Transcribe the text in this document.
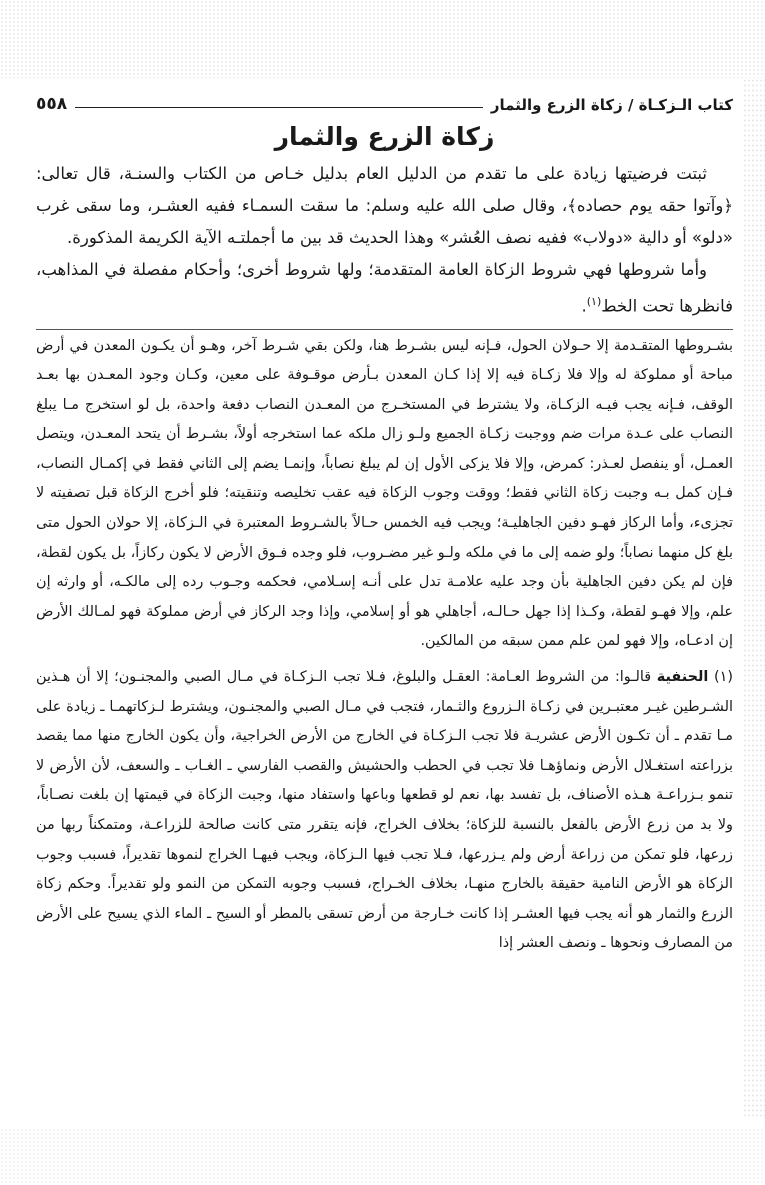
كتاب الـزكـاة / زكاة الزرع والثمار
٥٥٨
زكاة الزرع والثمار

ثبتت فرضيتها زيادة على ما تقدم من الدليل العام بدليل خـاص من الكتاب والسنـة، قال تعالى: ﴿وآتوا حقه يوم حصاده﴾، وقال صلى الله عليه وسلم: ما سقت السمـاء ففيه العشـر، وما سقى غرب «دلو» أو دالية «دولاب» ففيه نصف العُشر» وهذا الحديث قد بين ما أجملتـه الآية الكريمة المذكورة.

وأما شروطها فهي شروط الزكاة العامة المتقدمة؛ ولها شروط أخرى؛ وأحكام مفصلة في المذاهب، فانظرها تحت الخط$^{(١)}$.

بشـروطها المتقـدمة إلا حـولان الحول، فـإنه ليس بشـرط هنا، ولكن بقي شـرط آخر، وهـو أن يكـون المعدن في أرض مباحة أو مملوكة له وإلا فلا زكـاة فيه إلا إذا كـان المعدن بـأرض موقـوفة على معين، وكـان وجود المعـدن بها بعـد الوقف، فـإنه يجب فيـه الزكـاة، ولا يشترط في المستخـرج من المعـدن النصاب دفعة واحدة، بل لو استخرج مـا يبلغ النصاب على عـدة مرات ضم ووجبت زكـاة الجميع ولـو زال ملكه عما استخرجه أولاً، بشـرط أن يتحد المعـدن، ويتصل العمـل، أو ينفصل لعـذر: كمرض، وإلا فلا يزكى الأول إن لم يبلغ نصاباً، وإنمـا يضم إلى الثاني فقط في إكمـال النصاب، فـإن كمل بـه وجبت زكاة الثاني فقط؛ ووقت وجوب الزكاة فيه عقب تخليصه وتنقيته؛ فلو أخرج الزكاة قبل تصفيته لا تجزىء، وأما الركاز فهـو دفين الجاهليـة؛ ويجب فيه الخمس حـالاً بالشـروط المعتبرة في الـزكاة، إلا حولان الحول متى بلغ كل منهما نصاباً؛ ولو ضمه إلى ما في ملكه ولـو غير مضـروب، فلو وجده فـوق الأرض لا يكون ركازاً، بل يكون لقطة، فإن لم يكن دفين الجاهلية بأن وجد عليه علامـة تدل على أنـه إسـلامي، فحكمه وجـوب رده إلى مالكـه، أو وارثه إن علم، وإلا فهـو لقطة، وكـذا إذا جهل حـالـه، أجاهلي هو أو إسلامي، وإذا وجد الركاز في أرض مملوكة فهو لمـالك الأرض إن ادعـاه، وإلا فهو لمن علم ممن سبقه من المالكين.

(١) الحنفية قالـوا: من الشروط العـامة: العقـل والبلوغ، فـلا تجب الـزكـاة في مـال الصبي والمجنـون؛ إلا أن هـذين الشـرطين غيـر معتبـرين في زكـاة الـزروع والثـمار، فتجب في مـال الصبي والمجنـون، ويشترط لـزكاتهمـا ـ زيادة على مـا تقدم ـ أن تكـون الأرض عشريـة فلا تجب الـزكـاة في الخارج من الأرض الخراجية، وأن يكون الخارج منها مما يقصد بزراعته استغـلال الأرض ونماؤهـا فلا تجب في الحطب والحشيش والقصب الفارسي ـ الغـاب ـ والسعف، لأن الأرض لا تنمو بـزراعـة هـذه الأصناف، بل تفسد بها، نعم لو قطعها وباعها واستفاد منها، وجبت الزكاة في قيمتها إن بلغت نصـاباً، ولا بد من زرع الأرض بالفعل بالنسبة للزكاة؛ بخلاف الخراج، فإنه يتقرر متى كانت صالحة للزراعـة، ومتمكناً ربها من زرعها، فلو تمكن من زراعة أرض ولم يـزرعها، فـلا تجب فيها الـزكاة، ويجب فيهـا الخراج لنموها تقديراً، فسبب وجوب الزكاة هو الأرض النامية حقيقة بالخارج منهـا، بخلاف الخـراج، فسبب وجوبه التمكن من النمو ولو تقديراً. وحكم زكاة الزرع والثمار هو أنه يجب فيها العشـر إذا كانت خـارجة من أرض تسقى بالمطر أو السيح ـ الماء الذي يسيح على الأرض من المصارف ونحوها ـ ونصف العشر إذا
